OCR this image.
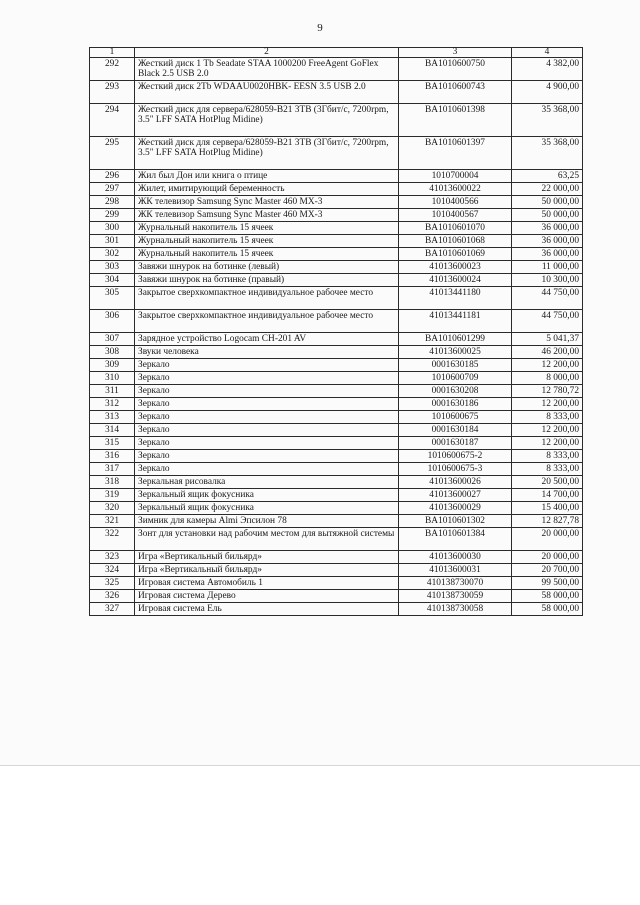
9
1	2	3	4
292	Жесткий диск 1 Tb Seadate STAA 1000200 FreeAgent GoFlex Black 2.5 USB 2.0	BA1010600750	4 382,00
293	Жесткий диск 2Tb WDAAU0020HBK- EESN 3.5 USB 2.0	BA1010600743	4 900,00
294	Жесткий диск для сервера/628059-B21 3TB (3Гбит/с, 7200rpm, 3.5" LFF SATA HotPlug Midine)	BA1010601398	35 368,00
295	Жесткий диск для сервера/628059-B21 3TB (3Гбит/с, 7200rpm, 3.5" LFF SATA HotPlug Midine)	BA1010601397	35 368,00
296	Жил был Дон или книга о птице	1010700004	63,25
297	Жилет, имитирующий беременность	41013600022	22 000,00
298	ЖК телевизор Samsung Sync Master 460 MX-3	1010400566	50 000,00
299	ЖК телевизор Samsung Sync Master 460 MX-3	1010400567	50 000,00
300	Журнальный накопитель 15 ячеек	BA1010601070	36 000,00
301	Журнальный накопитель 15 ячеек	BA1010601068	36 000,00
302	Журнальный накопитель 15 ячеек	BA1010601069	36 000,00
303	Завяжи шнурок на ботинке (левый)	41013600023	11 000,00
304	Завяжи шнурок на ботинке (правый)	41013600024	10 300,00
305	Закрытое сверхкомпактное индивидуальное рабочее место	41013441180	44 750,00
306	Закрытое сверхкомпактное индивидуальное рабочее место	41013441181	44 750,00
307	Зарядное устройство Logocam CH-201 AV	BA1010601299	5 041,37
308	Звуки человека	41013600025	46 200,00
309	Зеркало	0001630185	12 200,00
310	Зеркало	1010600709	8 000,00
311	Зеркало	0001630208	12 780,72
312	Зеркало	0001630186	12 200,00
313	Зеркало	1010600675	8 333,00
314	Зеркало	0001630184	12 200,00
315	Зеркало	0001630187	12 200,00
316	Зеркало	1010600675-2	8 333,00
317	Зеркало	1010600675-3	8 333,00
318	Зеркальная рисовалка	41013600026	20 500,00
319	Зеркальный ящик фокусника	41013600027	14 700,00
320	Зеркальный ящик фокусника	41013600029	15 400,00
321	Зимник для камеры Almi Эпсилон 78	BA1010601302	12 827,78
322	Зонт для установки над рабочим местом для вытяжной системы	BA1010601384	20 000,00
323	Игра «Вертикальный бильярд»	41013600030	20 000,00
324	Игра «Вертикальный бильярд»	41013600031	20 700,00
325	Игровая система Автомобиль 1	410138730070	99 500,00
326	Игровая система Дерево	410138730059	58 000,00
327	Игровая система Ель	410138730058	58 000,00
